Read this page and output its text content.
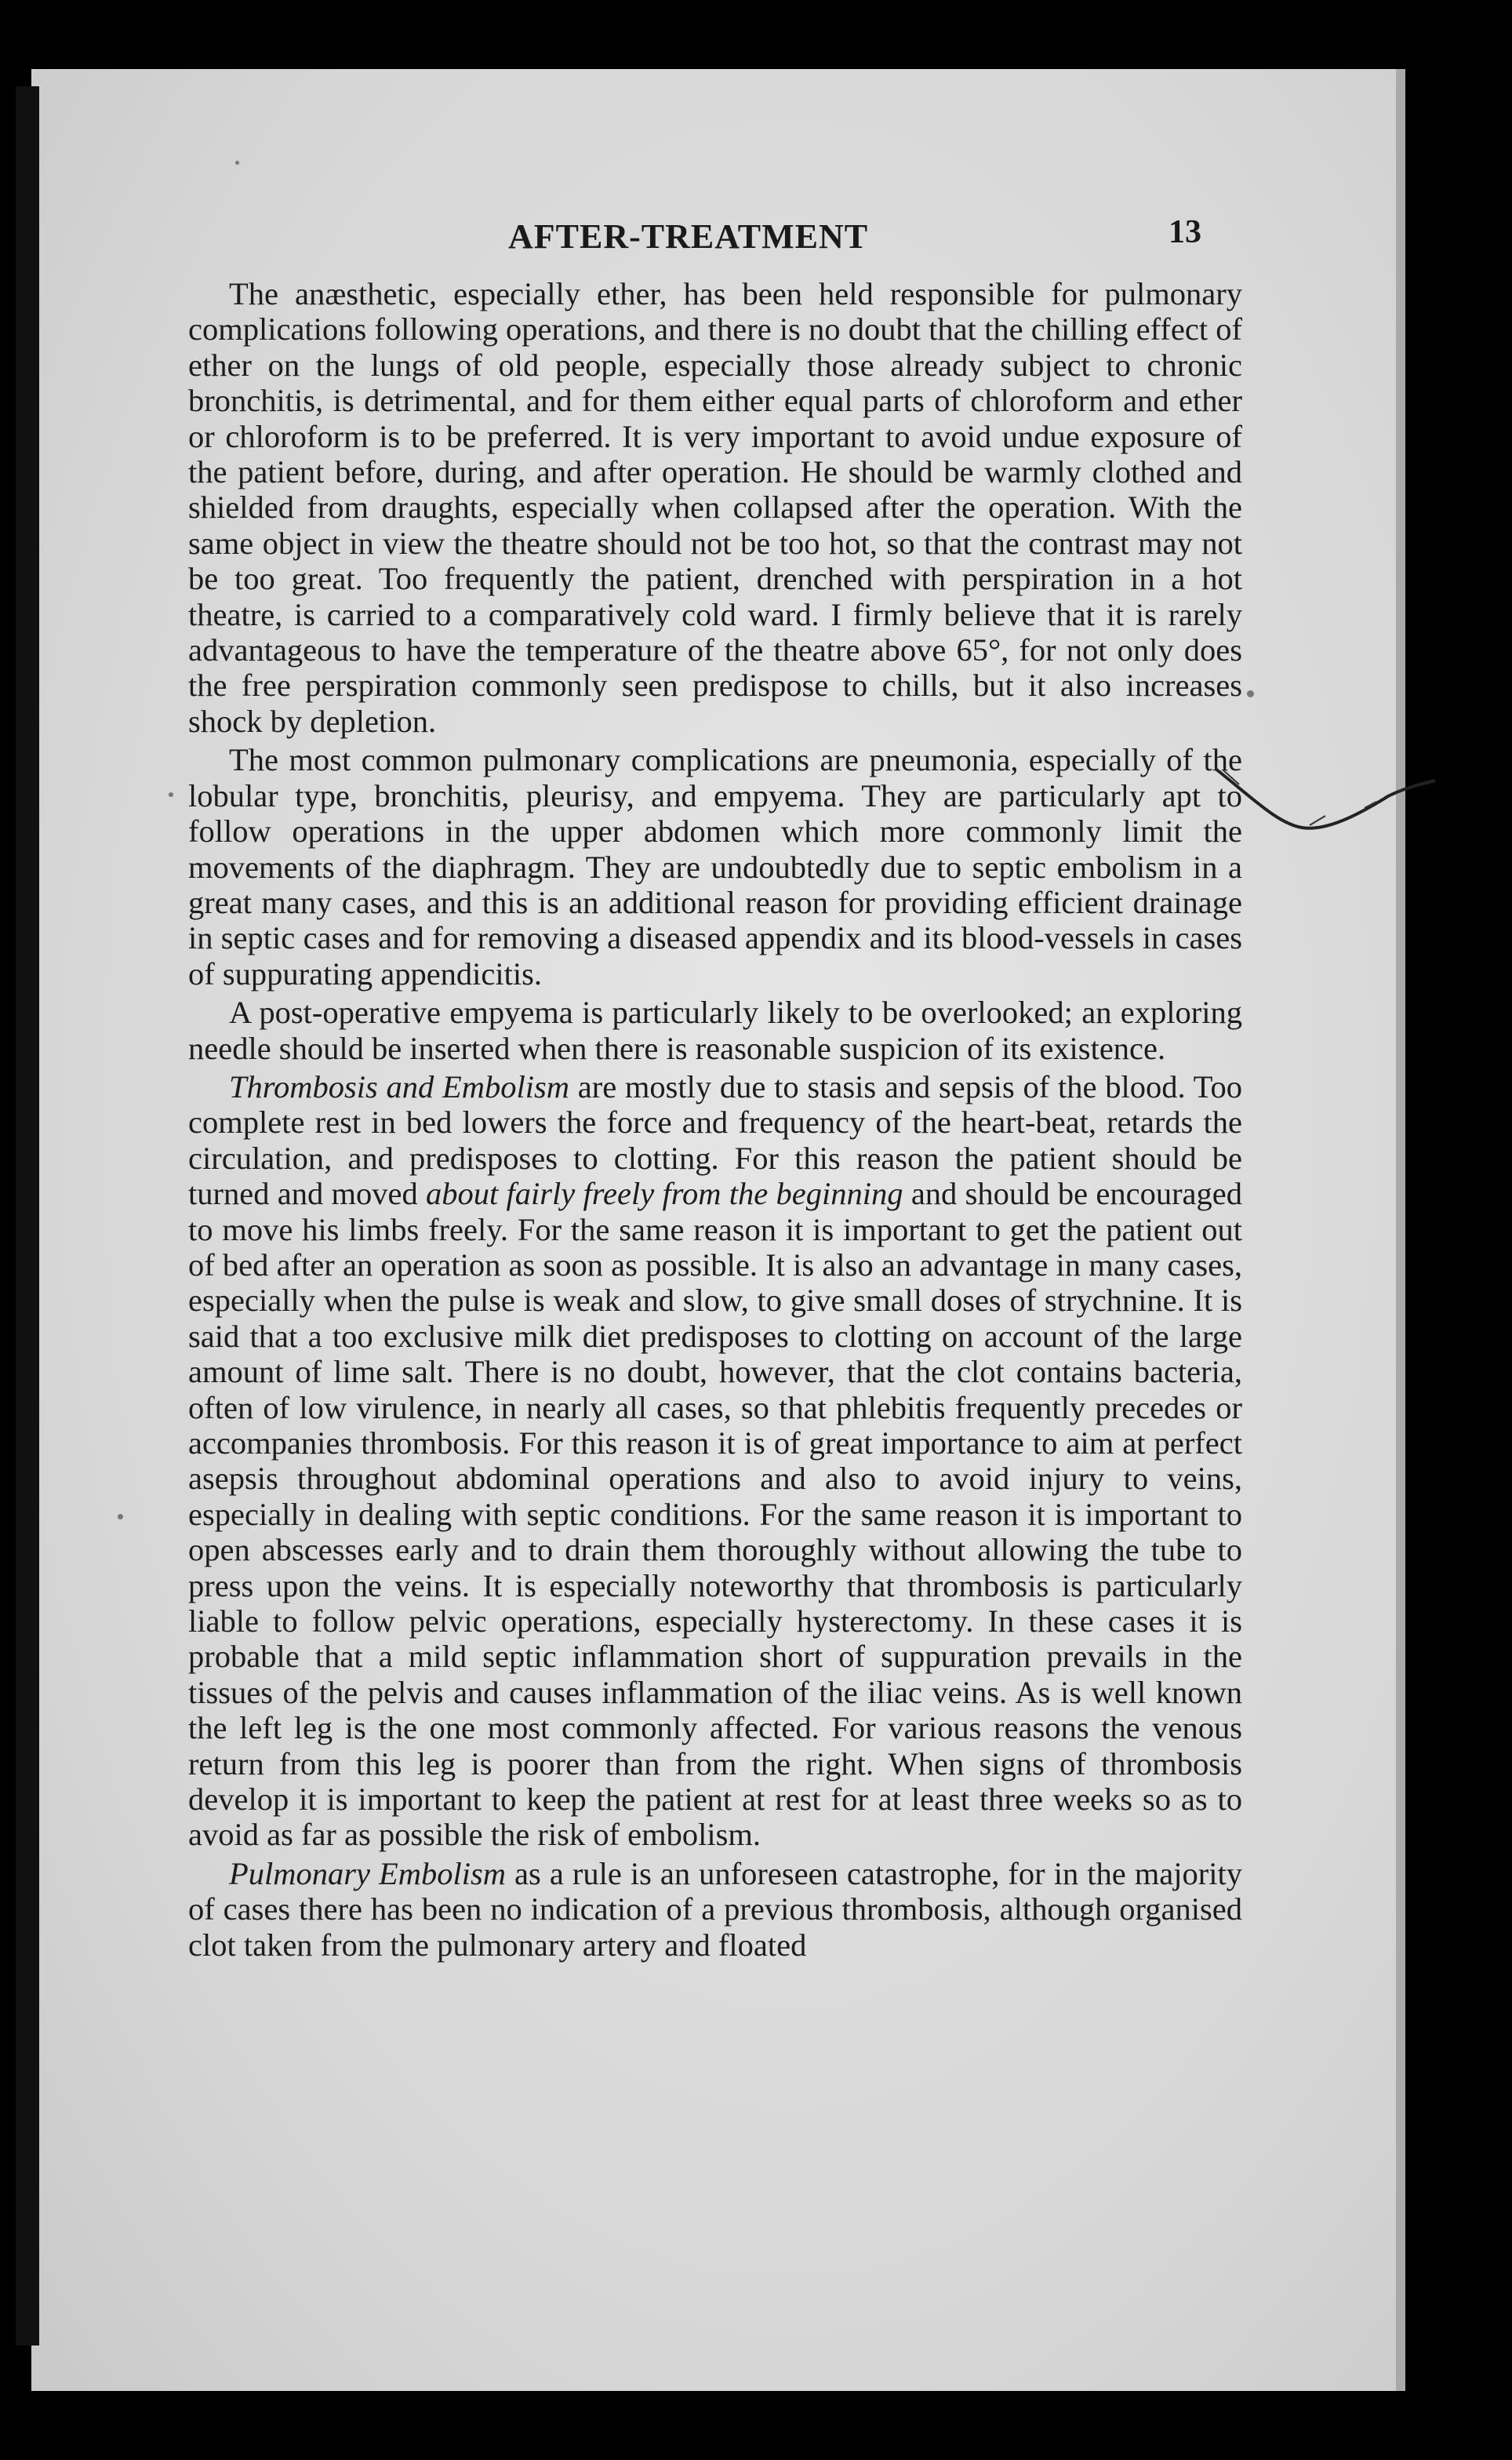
AFTER-TREATMENT	13

The anæsthetic, especially ether, has been held responsible for pulmonary complications following operations, and there is no doubt that the chilling effect of ether on the lungs of old people, especially those already subject to chronic bronchitis, is detrimental, and for them either equal parts of chloroform and ether or chloroform is to be preferred. It is very important to avoid undue exposure of the patient before, during, and after operation. He should be warmly clothed and shielded from draughts, especially when collapsed after the operation. With the same object in view the theatre should not be too hot, so that the contrast may not be too great. Too frequently the patient, drenched with perspiration in a hot theatre, is carried to a comparatively cold ward. I firmly believe that it is rarely advantageous to have the temperature of the theatre above 65°, for not only does the free perspiration commonly seen predispose to chills, but it also increases shock by depletion.

The most common pulmonary complications are pneumonia, especially of the lobular type, bronchitis, pleurisy, and empyema. They are particularly apt to follow operations in the upper abdomen which more commonly limit the movements of the diaphragm. They are undoubtedly due to septic embolism in a great many cases, and this is an additional reason for providing efficient drainage in septic cases and for removing a diseased appendix and its blood-vessels in cases of suppurating appendicitis.

A post-operative empyema is particularly likely to be overlooked; an exploring needle should be inserted when there is reasonable suspicion of its existence.

Thrombosis and Embolism are mostly due to stasis and sepsis of the blood. Too complete rest in bed lowers the force and frequency of the heart-beat, retards the circulation, and predisposes to clotting. For this reason the patient should be turned and moved about fairly freely from the beginning and should be encouraged to move his limbs freely. For the same reason it is important to get the patient out of bed after an operation as soon as possible. It is also an advantage in many cases, especially when the pulse is weak and slow, to give small doses of strychnine. It is said that a too exclusive milk diet predisposes to clotting on account of the large amount of lime salt. There is no doubt, however, that the clot contains bacteria, often of low virulence, in nearly all cases, so that phlebitis frequently precedes or accompanies thrombosis. For this reason it is of great importance to aim at perfect asepsis throughout abdominal operations and also to avoid injury to veins, especially in dealing with septic conditions. For the same reason it is important to open abscesses early and to drain them thoroughly without allowing the tube to press upon the veins. It is especially noteworthy that thrombosis is particularly liable to follow pelvic operations, especially hysterectomy. In these cases it is probable that a mild septic inflammation short of suppuration prevails in the tissues of the pelvis and causes inflammation of the iliac veins. As is well known the left leg is the one most commonly affected. For various reasons the venous return from this leg is poorer than from the right. When signs of thrombosis develop it is important to keep the patient at rest for at least three weeks so as to avoid as far as possible the risk of embolism.

Pulmonary Embolism as a rule is an unforeseen catastrophe, for in the majority of cases there has been no indication of a previous thrombosis, although organised clot taken from the pulmonary artery and floated
